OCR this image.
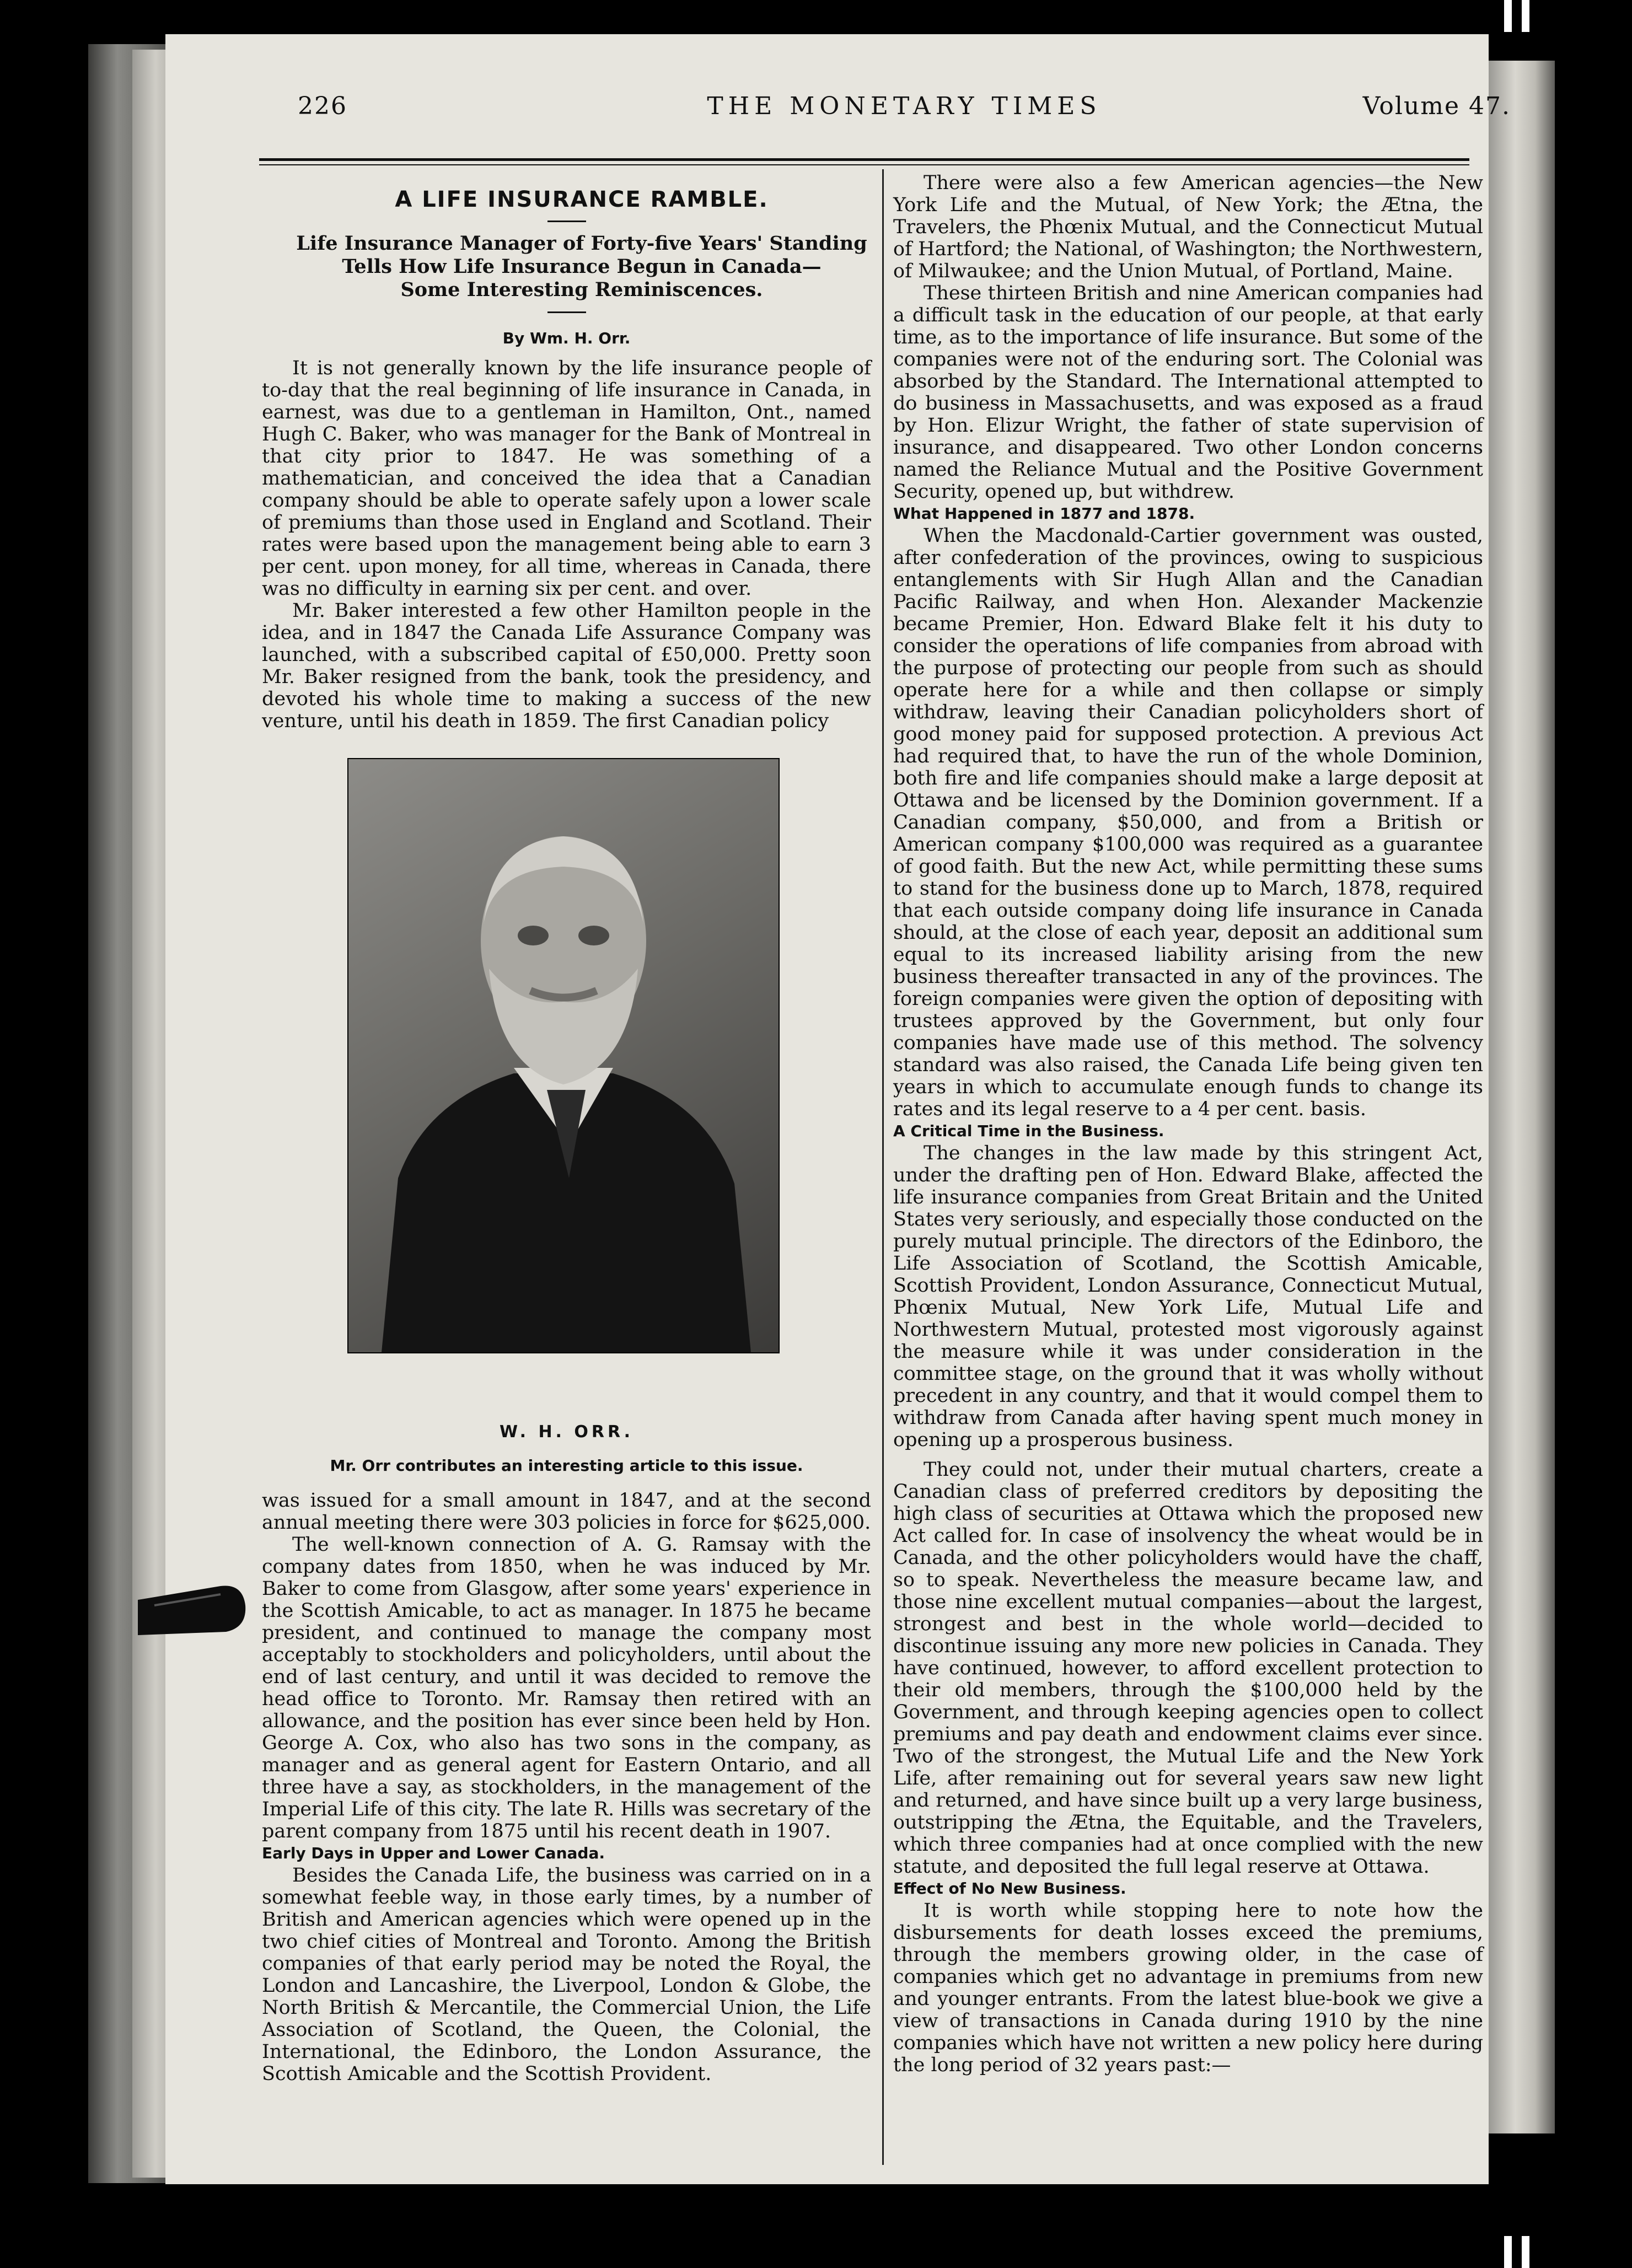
226	THE MONETARY TIMES	Volume 47.

A LIFE INSURANCE RAMBLE.

Life Insurance Manager of Forty-five Years' Standing

Tells How Life Insurance Begun in Canada—

Some Interesting Reminiscences.

By Wm. H. Orr.

It is not generally known by the life insurance people of to-day that the real beginning of life insurance in Canada, in earnest, was due to a gentleman in Hamilton, Ont., named Hugh C. Baker, who was manager for the Bank of Montreal in that city prior to 1847. He was something of a mathematician, and conceived the idea that a Canadian company should be able to operate safely upon a lower scale of premiums than those used in England and Scotland. Their rates were based upon the management being able to earn 3 per cent. upon money, for all time, whereas in Canada, there was no difficulty in earning six per cent. and over.

Mr. Baker interested a few other Hamilton people in the idea, and in 1847 the Canada Life Assurance Company was launched, with a subscribed capital of £50,000. Pretty soon Mr. Baker resigned from the bank, took the presidency, and devoted his whole time to making a success of the new venture, until his death in 1859. The first Canadian policy

W. H. ORR.
Mr. Orr contributes an interesting article to this issue.

was issued for a small amount in 1847, and at the second annual meeting there were 303 policies in force for $625,000.

The well-known connection of A. G. Ramsay with the company dates from 1850, when he was induced by Mr. Baker to come from Glasgow, after some years' experience in the Scottish Amicable, to act as manager. In 1875 he became president, and continued to manage the company most acceptably to stockholders and policyholders, until about the end of last century, and until it was decided to remove the head office to Toronto. Mr. Ramsay then retired with an allowance, and the position has ever since been held by Hon. George A. Cox, who also has two sons in the company, as manager and as general agent for Eastern Ontario, and all three have a say, as stockholders, in the management of the Imperial Life of this city. The late R. Hills was secretary of the parent company from 1875 until his recent death in 1907.

Early Days in Upper and Lower Canada.

Besides the Canada Life, the business was carried on in a somewhat feeble way, in those early times, by a number of British and American agencies which were opened up in the two chief cities of Montreal and Toronto. Among the British companies of that early period may be noted the Royal, the London and Lancashire, the Liverpool, London & Globe, the North British & Mercantile, the Commercial Union, the Life Association of Scotland, the Queen, the Colonial, the International, the Edinboro, the London Assurance, the Scottish Amicable and the Scottish Provident.

There were also a few American agencies—the New York Life and the Mutual, of New York; the Ætna, the Travelers, the Phœnix Mutual, and the Connecticut Mutual of Hartford; the National, of Washington; the Northwestern, of Milwaukee; and the Union Mutual, of Portland, Maine.

These thirteen British and nine American companies had a difficult task in the education of our people, at that early time, as to the importance of life insurance. But some of the companies were not of the enduring sort. The Colonial was absorbed by the Standard. The International attempted to do business in Massachusetts, and was exposed as a fraud by Hon. Elizur Wright, the father of state supervision of insurance, and disappeared. Two other London concerns named the Reliance Mutual and the Positive Government Security, opened up, but withdrew.

What Happened in 1877 and 1878.

When the Macdonald-Cartier government was ousted, after confederation of the provinces, owing to suspicious entanglements with Sir Hugh Allan and the Canadian Pacific Railway, and when Hon. Alexander Mackenzie became Premier, Hon. Edward Blake felt it his duty to consider the operations of life companies from abroad with the purpose of protecting our people from such as should operate here for a while and then collapse or simply withdraw, leaving their Canadian policyholders short of good money paid for supposed protection. A previous Act had required that, to have the run of the whole Dominion, both fire and life companies should make a large deposit at Ottawa and be licensed by the Dominion government. If a Canadian company, $50,000, and from a British or American company $100,000 was required as a guarantee of good faith. But the new Act, while permitting these sums to stand for the business done up to March, 1878, required that each outside company doing life insurance in Canada should, at the close of each year, deposit an additional sum equal to its increased liability arising from the new business thereafter transacted in any of the provinces. The foreign companies were given the option of depositing with trustees approved by the Government, but only four companies have made use of this method. The solvency standard was also raised, the Canada Life being given ten years in which to accumulate enough funds to change its rates and its legal reserve to a 4 per cent. basis.

A Critical Time in the Business.

The changes in the law made by this stringent Act, under the drafting pen of Hon. Edward Blake, affected the life insurance companies from Great Britain and the United States very seriously, and especially those conducted on the purely mutual principle. The directors of the Edinboro, the Life Association of Scotland, the Scottish Amicable, Scottish Provident, London Assurance, Connecticut Mutual, Phœnix Mutual, New York Life, Mutual Life and Northwestern Mutual, protested most vigorously against the measure while it was under consideration in the committee stage, on the ground that it was wholly without precedent in any country, and that it would compel them to withdraw from Canada after having spent much money in opening up a prosperous business.

They could not, under their mutual charters, create a Canadian class of preferred creditors by depositing the high class of securities at Ottawa which the proposed new Act called for. In case of insolvency the wheat would be in Canada, and the other policyholders would have the chaff, so to speak. Nevertheless the measure became law, and those nine excellent mutual companies—about the largest, strongest and best in the whole world—decided to discontinue issuing any more new policies in Canada. They have continued, however, to afford excellent protection to their old members, through the $100,000 held by the Government, and through keeping agencies open to collect premiums and pay death and endowment claims ever since. Two of the strongest, the Mutual Life and the New York Life, after remaining out for several years saw new light and returned, and have since built up a very large business, outstripping the Ætna, the Equitable, and the Travelers, which three companies had at once complied with the new statute, and deposited the full legal reserve at Ottawa.

Effect of No New Business.

It is worth while stopping here to note how the disbursements for death losses exceed the premiums, through the members growing older, in the case of companies which get no advantage in premiums from new and younger entrants. From the latest blue-book we give a view of transactions in Canada during 1910 by the nine companies which have not written a new policy here during the long period of 32 years past:—
